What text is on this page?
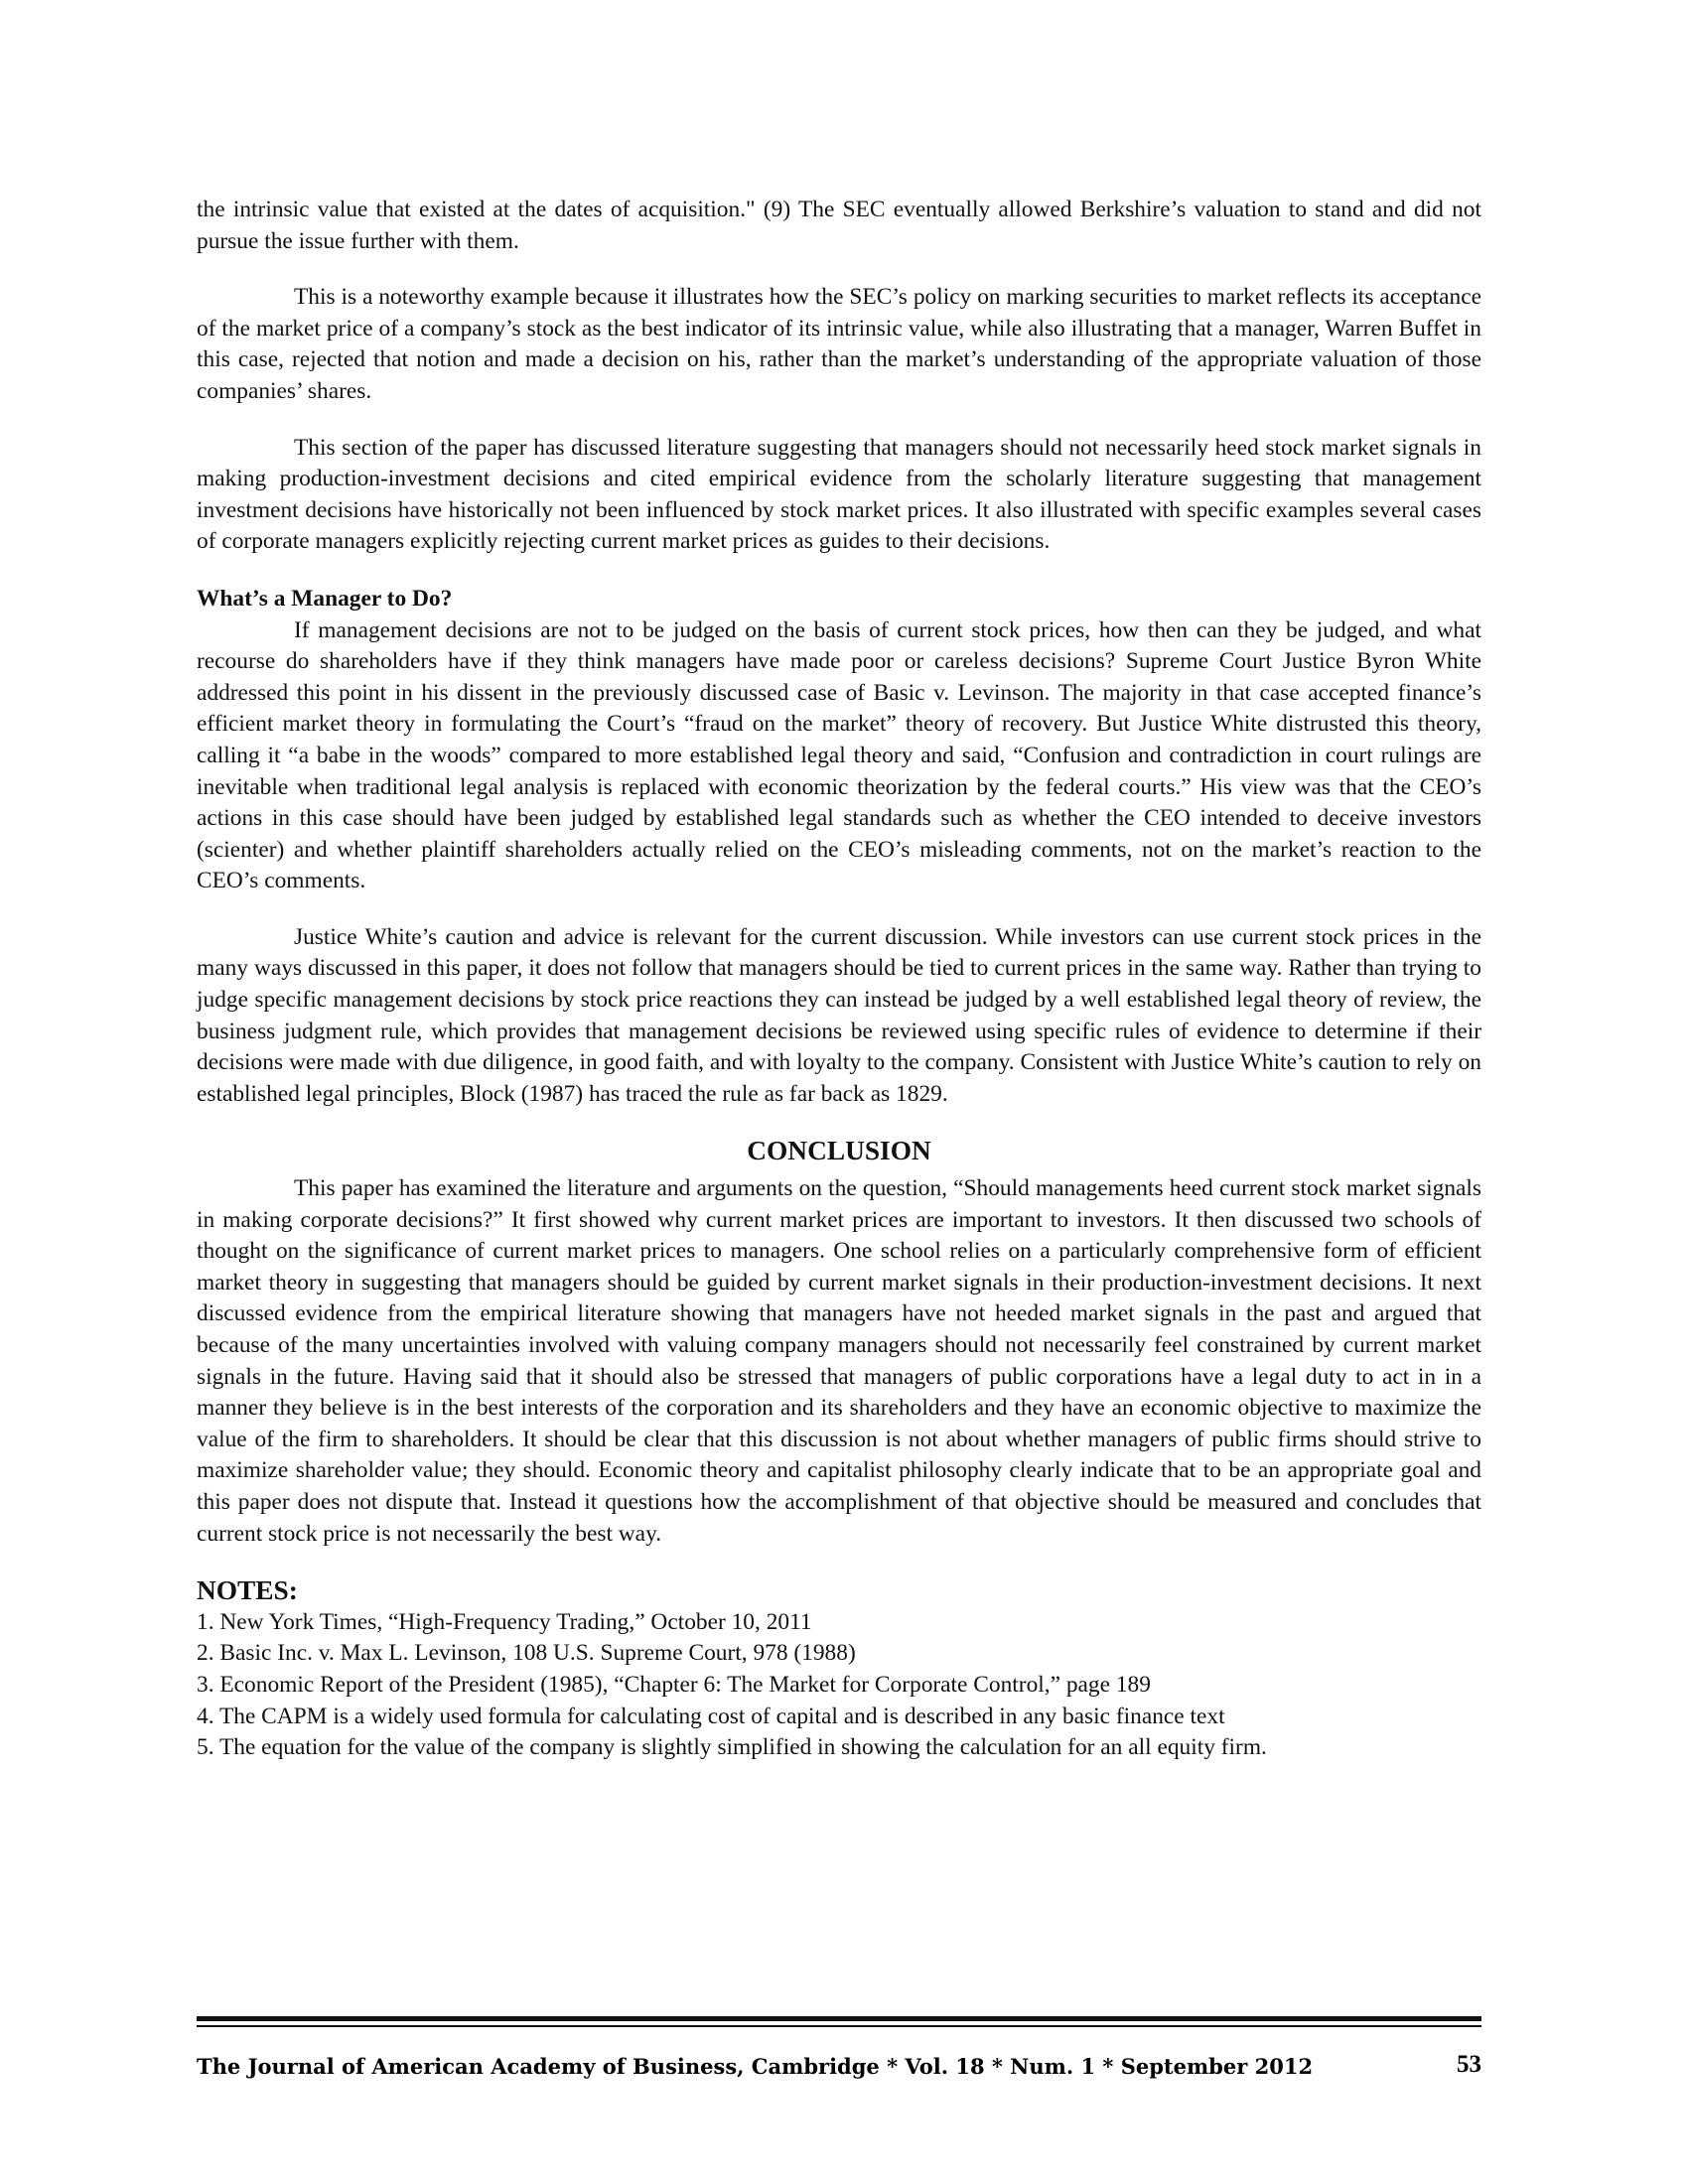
the intrinsic value that existed at the dates of acquisition." (9) The SEC eventually allowed Berkshire’s valuation to stand and did not pursue the issue further with them.

This is a noteworthy example because it illustrates how the SEC’s policy on marking securities to market reflects its acceptance of the market price of a company’s stock as the best indicator of its intrinsic value, while also illustrating that a manager, Warren Buffet in this case, rejected that notion and made a decision on his, rather than the market’s understanding of the appropriate valuation of those companies’ shares.

This section of the paper has discussed literature suggesting that managers should not necessarily heed stock market signals in making production-investment decisions and cited empirical evidence from the scholarly literature suggesting that management investment decisions have historically not been influenced by stock market prices. It also illustrated with specific examples several cases of corporate managers explicitly rejecting current market prices as guides to their decisions.

What’s a Manager to Do?

If management decisions are not to be judged on the basis of current stock prices, how then can they be judged, and what recourse do shareholders have if they think managers have made poor or careless decisions? Supreme Court Justice Byron White addressed this point in his dissent in the previously discussed case of Basic v. Levinson. The majority in that case accepted finance’s efficient market theory in formulating the Court’s “fraud on the market” theory of recovery. But Justice White distrusted this theory, calling it “a babe in the woods” compared to more established legal theory and said, “Confusion and contradiction in court rulings are inevitable when traditional legal analysis is replaced with economic theorization by the federal courts.” His view was that the CEO’s actions in this case should have been judged by established legal standards such as whether the CEO intended to deceive investors (scienter) and whether plaintiff shareholders actually relied on the CEO’s misleading comments, not on the market’s reaction to the CEO’s comments.

Justice White’s caution and advice is relevant for the current discussion. While investors can use current stock prices in the many ways discussed in this paper, it does not follow that managers should be tied to current prices in the same way. Rather than trying to judge specific management decisions by stock price reactions they can instead be judged by a well established legal theory of review, the business judgment rule, which provides that management decisions be reviewed using specific rules of evidence to determine if their decisions were made with due diligence, in good faith, and with loyalty to the company. Consistent with Justice White’s caution to rely on established legal principles, Block (1987) has traced the rule as far back as 1829.

CONCLUSION

This paper has examined the literature and arguments on the question, “Should managements heed current stock market signals in making corporate decisions?” It first showed why current market prices are important to investors. It then discussed two schools of thought on the significance of current market prices to managers. One school relies on a particularly comprehensive form of efficient market theory in suggesting that managers should be guided by current market signals in their production-investment decisions. It next discussed evidence from the empirical literature showing that managers have not heeded market signals in the past and argued that because of the many uncertainties involved with valuing company managers should not necessarily feel constrained by current market signals in the future. Having said that it should also be stressed that managers of public corporations have a legal duty to act in in a manner they believe is in the best interests of the corporation and its shareholders and they have an economic objective to maximize the value of the firm to shareholders. It should be clear that this discussion is not about whether managers of public firms should strive to maximize shareholder value; they should. Economic theory and capitalist philosophy clearly indicate that to be an appropriate goal and this paper does not dispute that. Instead it questions how the accomplishment of that objective should be measured and concludes that current stock price is not necessarily the best way.

NOTES:
1. New York Times, “High-Frequency Trading,” October 10, 2011
2. Basic Inc. v. Max L. Levinson, 108 U.S. Supreme Court, 978 (1988)
3. Economic Report of the President (1985), “Chapter 6: The Market for Corporate Control,” page 189
4. The CAPM is a widely used formula for calculating cost of capital and is described in any basic finance text
5. The equation for the value of the company is slightly simplified in showing the calculation for an all equity firm.
The Journal of American Academy of Business, Cambridge * Vol. 18 * Num. 1 * September 2012	53
